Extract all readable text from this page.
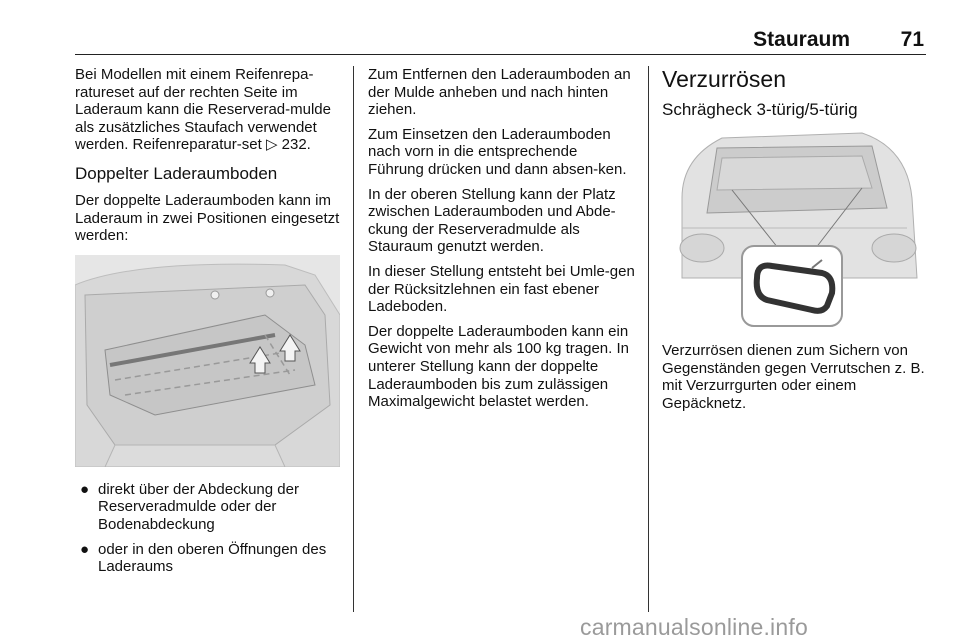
Stauraum 71

Bei Modellen mit einem Reifenrepa-ratureset auf der rechten Seite im Laderaum kann die Reserverad-mulde als zusätzliches Staufach verwendet werden. Reifenreparatur-set ▷ 232.

Doppelter Laderaumboden

Der doppelte Laderaumboden kann im Laderaum in zwei Positionen eingesetzt werden:

● direkt über der Abdeckung der Reserveradmulde oder der Bodenabdeckung
● oder in den oberen Öffnungen des Laderaums

Zum Entfernen den Laderaumboden an der Mulde anheben und nach hinten ziehen.

Zum Einsetzen den Laderaumboden nach vorn in die entsprechende Führung drücken und dann absen-ken.

In der oberen Stellung kann der Platz zwischen Laderaumboden und Abde-ckung der Reserveradmulde als Stauraum genutzt werden.

In dieser Stellung entsteht bei Umle-gen der Rücksitzlehnen ein fast ebener Ladeboden.

Der doppelte Laderaumboden kann ein Gewicht von mehr als 100 kg tragen. In unterer Stellung kann der doppelte Laderaumboden bis zum zulässigen Maximalgewicht belastet werden.

Verzurrösen
Schrägheck 3-türig/5-türig

Verzurrösen dienen zum Sichern von Gegenständen gegen Verrutschen z. B. mit Verzurrgurten oder einem Gepäcknetz.

carmanualsonline.info
